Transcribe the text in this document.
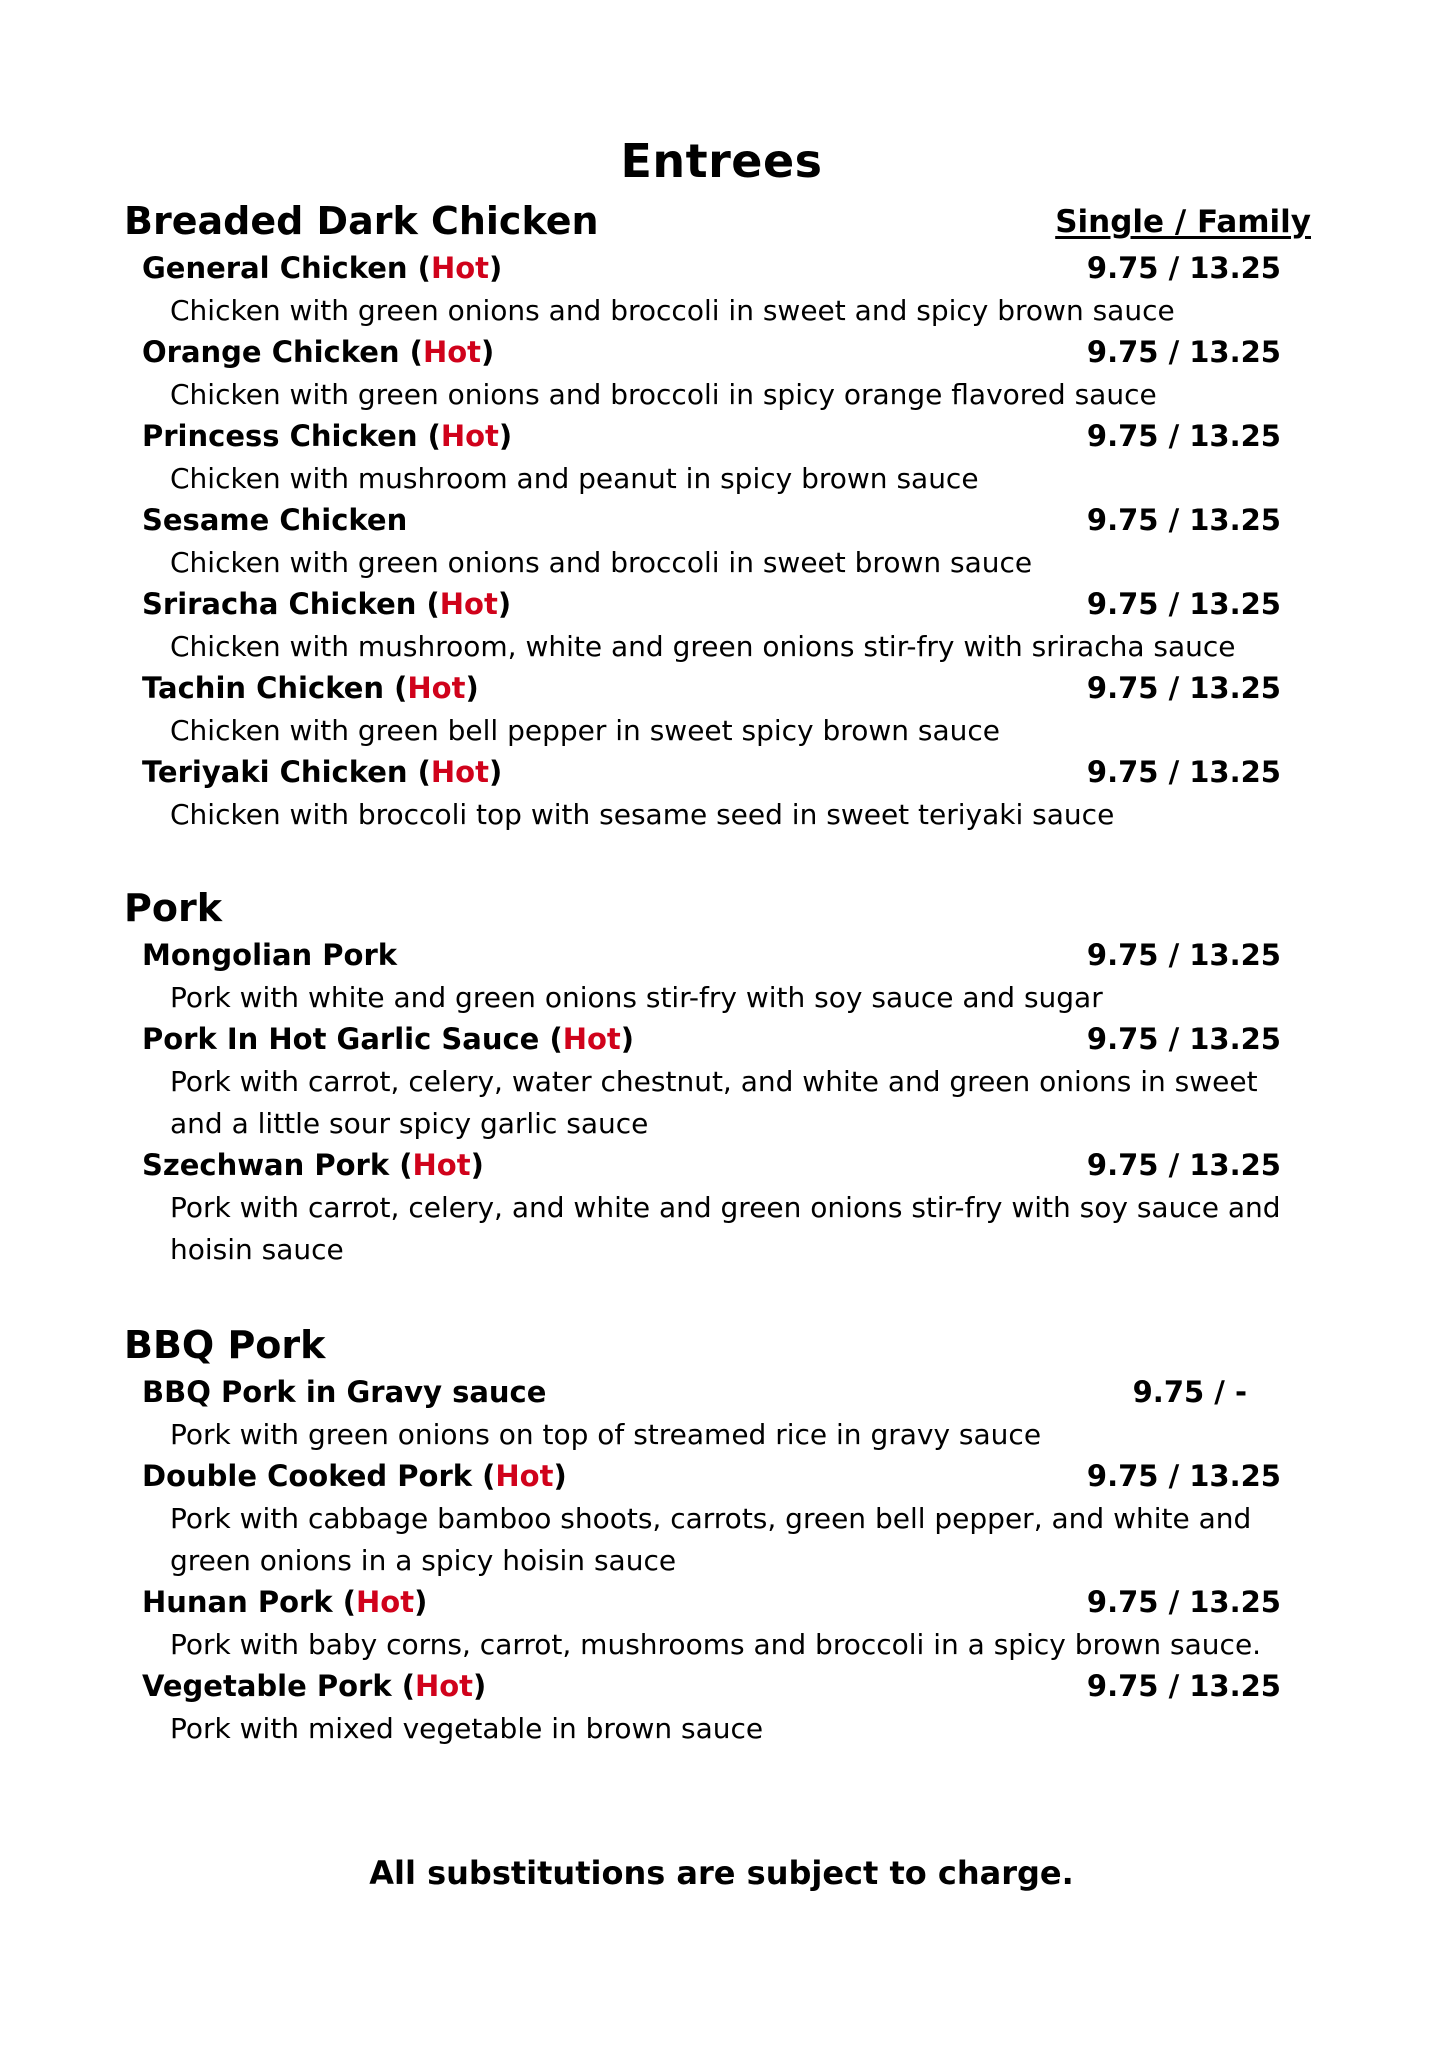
Entrees
All substitutions are subject to charge.
Breaded Dark Chicken	Single / Family
General Chicken (Hot)	9.75 / 13.25
Chicken with green onions and broccoli in sweet and spicy brown sauce
Orange Chicken (Hot)	9.75 / 13.25
Chicken with green onions and broccoli in spicy orange flavored sauce
Princess Chicken (Hot)	9.75 / 13.25
Chicken with mushroom and peanut in spicy brown sauce
Sesame Chicken	9.75 / 13.25
Chicken with green onions and broccoli in sweet brown sauce
Sriracha Chicken (Hot)	9.75 / 13.25
Chicken with mushroom, white and green onions stir-fry with sriracha sauce
Tachin Chicken (Hot)	9.75 / 13.25
Chicken with green bell pepper in sweet spicy brown sauce
Teriyaki Chicken (Hot)	9.75 / 13.25
Chicken with broccoli top with sesame seed in sweet teriyaki sauce
Pork
Mongolian Pork	9.75 / 13.25
Pork with white and green onions stir-fry with soy sauce and sugar
Pork In Hot Garlic Sauce (Hot)	9.75 / 13.25
Pork with carrot, celery, water chestnut, and white and green onions in sweet
and a little sour spicy garlic sauce
Szechwan Pork (Hot)	9.75 / 13.25
Pork with carrot, celery, and white and green onions stir-fry with soy sauce and
hoisin sauce
BBQ Pork
BBQ Pork in Gravy sauce	9.75 / -
Pork with green onions on top of streamed rice in gravy sauce
Double Cooked Pork (Hot)	9.75 / 13.25
Pork with cabbage bamboo shoots, carrots, green bell pepper, and white and
green onions in a spicy hoisin sauce
Hunan Pork (Hot)	9.75 / 13.25
Pork with baby corns, carrot, mushrooms and broccoli in a spicy brown sauce.
Vegetable Pork (Hot)	9.75 / 13.25
Pork with mixed vegetable in brown sauce
